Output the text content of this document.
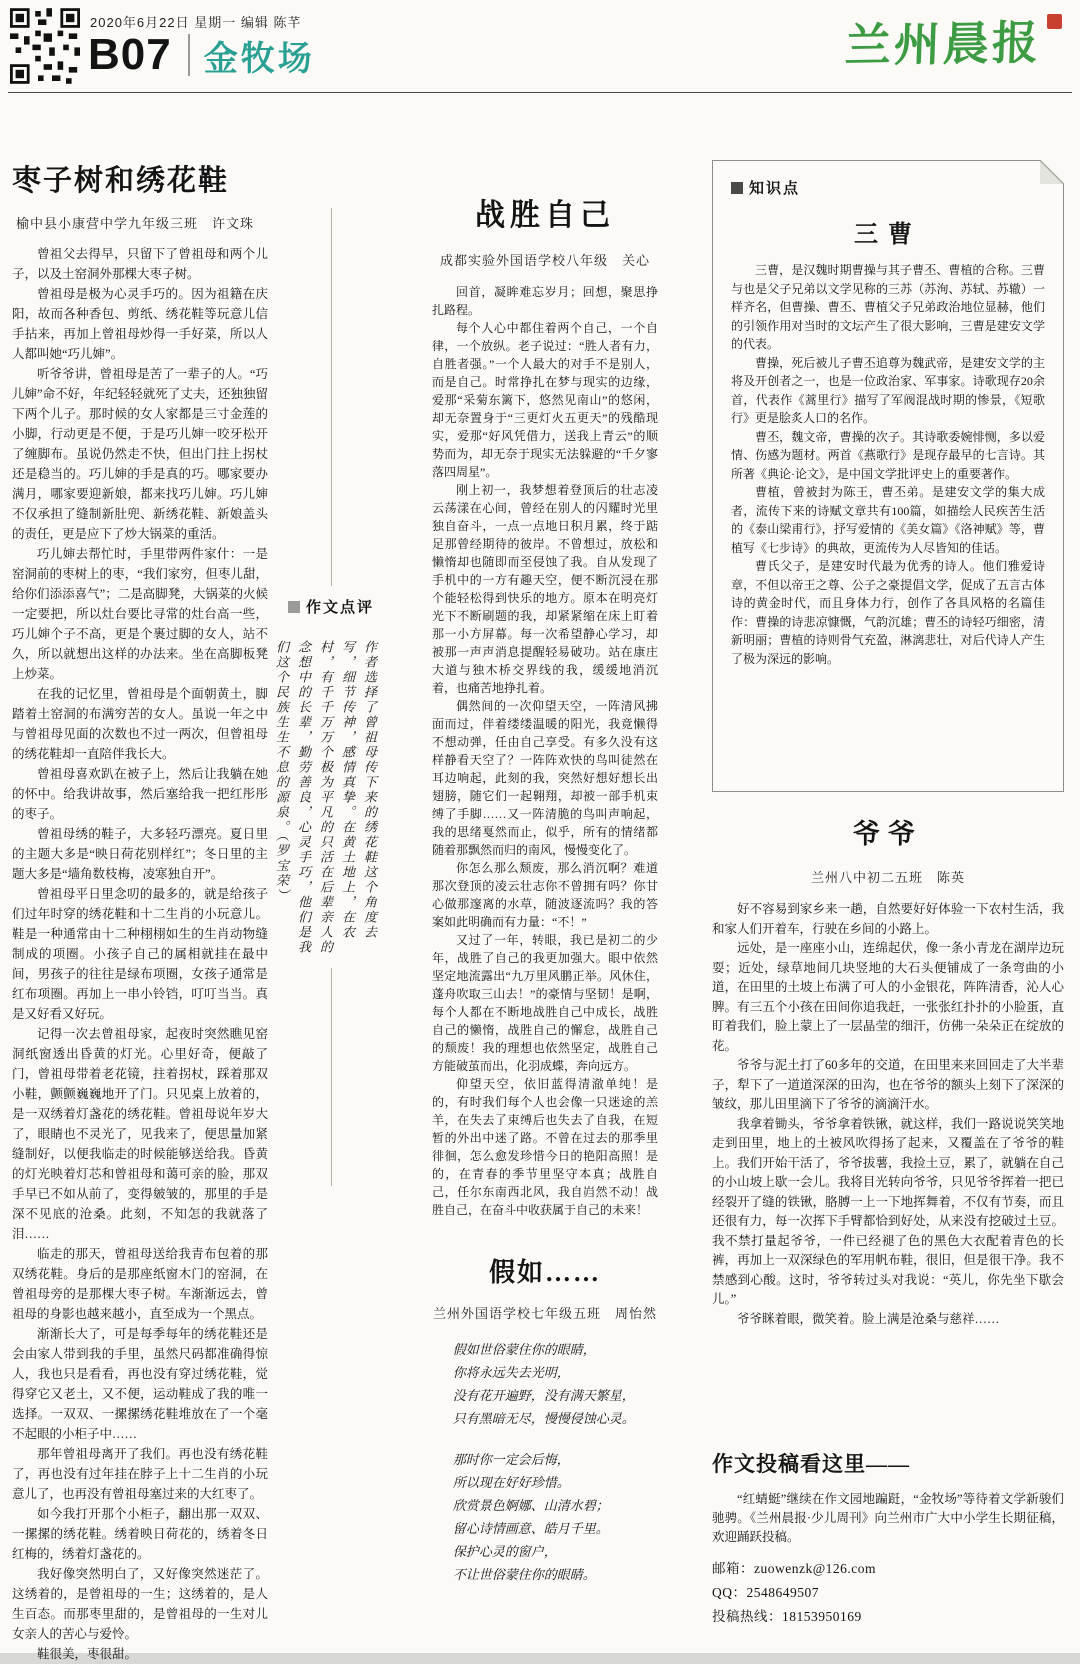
2020年6月22日 星期一 编辑 陈芊
B07 金牧场	兰州晨报
枣子树和绣花鞋
榆中县小康营中学九年级三班　许文珠

曾祖父去得早，只留下了曾祖母和两个儿子，以及土窑洞外那棵大枣子树。

曾祖母是极为心灵手巧的。因为祖籍在庆阳，故而各种香包、剪纸、绣花鞋等玩意儿信手拈来，再加上曾祖母炒得一手好菜，所以人人都叫她“巧儿婶”。

听爷爷讲，曾祖母是苦了一辈子的人。“巧儿婶”命不好，年纪轻轻就死了丈夫，还独独留下两个儿子。那时候的女人家都是三寸金莲的小脚，行动更是不便，于是巧儿婶一咬牙松开了缠脚布。虽说仍然走不快，但出门拄上拐杖还是稳当的。巧儿婶的手是真的巧。哪家要办满月，哪家要迎新娘，都来找巧儿婶。巧儿婶不仅承担了缝制新肚兜、新绣花鞋、新娘盖头的责任，更是应下了炒大锅菜的重活。

巧儿婶去帮忙时，手里带两件家什：一是窑洞前的枣树上的枣，“我们家穷，但枣儿甜，给你们添添喜气”；二是高脚凳，大锅菜的火候一定要把，所以灶台要比寻常的灶台高一些，巧儿婶个子不高，更是个裹过脚的女人，站不久，所以就想出这样的办法来。坐在高脚板凳上炒菜。

在我的记忆里，曾祖母是个面朝黄土，脚踏着土窑洞的布满穷苦的女人。虽说一年之中与曾祖母见面的次数也不过一两次，但曾祖母的绣花鞋却一直陪伴我长大。

曾祖母喜欢趴在被子上，然后让我躺在她的怀中。给我讲故事，然后塞给我一把红彤彤的枣子。

曾祖母绣的鞋子，大多轻巧漂亮。夏日里的主题大多是“映日荷花别样红”；冬日里的主题大多是“墙角数枝梅，凌寒独自开”。

曾祖母平日里念叨的最多的，就是给孩子们过年时穿的绣花鞋和十二生肖的小玩意儿。鞋是一种通常由十二种栩栩如生的生肖动物缝制成的项圈。小孩子自己的属相就挂在最中间，男孩子的往往是绿布项圈，女孩子通常是红布项圈。再加上一串小铃铛，叮叮当当。真是又好看又好玩。

记得一次去曾祖母家，起夜时突然瞧见窑洞纸窗透出昏黄的灯光。心里好奇，便敲了门，曾祖母带着老花镜，拄着拐杖，踩着那双小鞋，颤颤巍巍地开了门。只见桌上放着的，是一双绣着灯盏花的绣花鞋。曾祖母说年岁大了，眼睛也不灵光了，见我来了，便思量加紧缝制好，以便我临走的时候能够送给我。昏黄的灯光映着灯芯和曾祖母和蔼可亲的脸，那双手早已不如从前了，变得皴皱的，那里的手是深不见底的沧桑。此刻，不知怎的我就落了泪……

临走的那天，曾祖母送给我青布包着的那双绣花鞋。身后的是那座纸窗木门的窑洞，在曾祖母旁的是那棵大枣子树。车渐渐远去，曾祖母的身影也越来越小，直至成为一个黑点。

渐渐长大了，可是每季每年的绣花鞋还是会由家人带到我的手里，虽然尺码都准确得惊人，我也只是看看，再也没有穿过绣花鞋，觉得穿它又老土，又不便，运动鞋成了我的唯一选择。一双双、一摞摞绣花鞋堆放在了一个毫不起眼的小柜子中……

那年曾祖母离开了我们。再也没有绣花鞋了，再也没有过年挂在脖子上十二生肖的小玩意儿了，也再没有曾祖母塞过来的大红枣了。

如今我打开那个小柜子，翻出那一双双、一摞摞的绣花鞋。绣着映日荷花的，绣着冬日红梅的，绣着灯盏花的。

我好像突然明白了，又好像突然迷茫了。这绣着的，是曾祖母的一生；这绣着的，是人生百态。而那枣里甜的，是曾祖母的一生对儿女亲人的苦心与爱怜。

鞋很美，枣很甜。

作文点评
作者选择了曾祖母传下来的绣花鞋这个角度去写，细节传神，感情真挚。在黄土地上，在农村，有千千万万个极为平凡的只活在后辈亲人的念想中的长辈，勤劳善良，心灵手巧，他们是我们这个民族生生不息的源泉。（罗宝荣）
战胜自己
成都实验外国语学校八年级　关心

回首，凝眸难忘岁月；回想，聚思挣扎路程。

每个人心中都住着两个自己，一个自律，一个放纵。老子说过：“胜人者有力，自胜者强。”一个人最大的对手不是别人，而是自己。时常挣扎在梦与现实的边缘，爱那“采菊东篱下，悠然见南山”的悠闲，却无奈置身于“三更灯火五更天”的残酷现实，爱那“好风凭借力，送我上青云”的顺势而为，却无奈于现实无法躲避的“千夕寥落四周星”。

刚上初一，我梦想着登顶后的壮志凌云荡漾在心间，曾经在别人的闪耀时光里独自奋斗，一点一点地日积月累，终于踮足那曾经期待的彼岸。不曾想过，放松和懒惰却也随即而至侵蚀了我。自从发现了手机中的一方有趣天空，便不断沉浸在那个能轻松得到快乐的地方。原本在明亮灯光下不断刷题的我，却紧紧缩在床上盯着那一小方屏幕。每一次希望静心学习，却被那一声声消息提醒轻易破功。站在康庄大道与独木桥交界线的我，缓缓地消沉着，也痛苦地挣扎着。

偶然间的一次仰望天空，一阵清风拂面而过，伴着缕缕温暖的阳光，我竟懒得不想动弹，任由自己享受。有多久没有这样静看天空了？一阵阵欢快的鸟叫徒然在耳边响起，此刻的我，突然好想好想长出翅膀，随它们一起翱翔，却被一部手机束缚了手脚……又一阵清脆的鸟叫声响起，我的思绪戛然而止，似乎，所有的情绪都随着那飘然而归的南风，慢慢变化了。

你怎么那么颓废，那么消沉啊？难道那次登顶的凌云壮志你不曾拥有吗？你甘心做那邃离的水草，随波逐流吗？我的答案如此明确而有力量：“不！”

又过了一年，转眼，我已是初二的少年，战胜了自己的我更加强大。眼中依然坚定地流露出“九万里风鹏正举。风休住，蓬舟吹取三山去！”的豪情与坚韧！是啊，每个人都在不断地战胜自己中成长，战胜自己的懒惰，战胜自己的懈怠，战胜自己的颓废！我的理想也依然坚定，战胜自己方能破茧而出，化羽成蝶，奔向远方。

仰望天空，依旧蓝得清澈单纯！是的，有时我们每个人也会像一只迷途的羔羊，在失去了束缚后也失去了自我，在短暂的外出中迷了路。不曾在过去的那季里徘徊，怎么愈发珍惜今日的艳阳高照！是的，在青春的季节里坚守本真；战胜自己，任尔东南西北风，我自岿然不动！战胜自己，在奋斗中收获属于自己的未来！

假如……
兰州外国语学校七年级五班　周怡然
假如世俗蒙住你的眼睛，
你将永远失去光明，
没有花开遍野，没有满天繁星，
只有黑暗无尽，慢慢侵蚀心灵。
那时你一定会后悔，
所以现在好好珍惜。
欣赏景色婀娜、山清水碧；
留心诗情画意、皓月千里。
保护心灵的窗户，
不让世俗蒙住你的眼睛。
知识点
三曹

三曹，是汉魏时期曹操与其子曹丕、曹植的合称。三曹与也是父子兄弟以文学见称的三苏（苏洵、苏轼、苏辙）一样齐名，但曹操、曹丕、曹植父子兄弟政治地位显赫，他们的引领作用对当时的文坛产生了很大影响，三曹是建安文学的代表。

曹操，死后被儿子曹丕追尊为魏武帝，是建安文学的主将及开创者之一，也是一位政治家、军事家。诗歌现存20余首，代表作《蒿里行》描写了军阀混战时期的惨景，《短歌行》更是脍炙人口的名作。

曹丕，魏文帝，曹操的次子。其诗歌委婉悱恻，多以爱情、伤感为题材。两首《燕歌行》是现存最早的七言诗。其所著《典论·论文》，是中国文学批评史上的重要著作。

曹植，曾被封为陈王，曹丕弟。是建安文学的集大成者，流传下来的诗赋文章共有100篇，如描绘人民疾苦生活的《泰山梁甫行》，抒写爱情的《美女篇》《洛神赋》等，曹植写《七步诗》的典故，更流传为人尽皆知的佳话。

曹氏父子，是建安时代最为优秀的诗人。他们雅爱诗章，不但以帝王之尊、公子之豪提倡文学，促成了五言古体诗的黄金时代，而且身体力行，创作了各具风格的名篇佳作：曹操的诗悲凉慷慨，气韵沉雄；曹丕的诗轻巧细密，清新明丽；曹植的诗则骨气充盈，淋漓悲壮，对后代诗人产生了极为深远的影响。

爷爷
兰州八中初二五班　陈英

好不容易到家乡来一趟，自然要好好体验一下农村生活，我和家人们开着车，行驶在乡间的小路上。

远处，是一座座小山，连绵起伏，像一条小青龙在湖岸边玩耍；近处，绿草地间几块竖地的大石头便铺成了一条弯曲的小道，在田里的土坡上布满了可人的小金银花，阵阵清香，沁人心脾。有三五个小孩在田间你追我赶，一张张红扑扑的小脸蛋，直盯着我们，脸上蒙上了一层晶莹的细汗，仿佛一朵朵正在绽放的花。

爷爷与泥土打了60多年的交道，在田里来来回回走了大半辈子，犁下了一道道深深的田沟，也在爷爷的额头上刻下了深深的皱纹，那儿田里滴下了爷爷的滴滴汗水。

我拿着锄头，爷爷拿着铁锹，就这样，我们一路说说笑笑地走到田里，地上的土被风吹得扬了起来，又覆盖在了爷爷的鞋上。我们开始干活了，爷爷拔薯，我捡土豆，累了，就躺在自己的小山坡上歇一会儿。我将目光转向爷爷，只见爷爷挥着一把已经裂开了缝的铁锹，胳膊一上一下地挥舞着，不仅有节奏，而且还很有力，每一次挥下手臂都恰到好处，从来没有挖破过土豆。我不禁打量起爷爷，一件已经褪了色的黑色大衣配着青色的长裤，再加上一双深绿色的军用帆布鞋，很旧，但是很干净。我不禁感到心酸。这时，爷爷转过头对我说：“英儿，你先坐下歇会儿。”

爷爷眯着眼，微笑着。脸上满是沧桑与慈祥……

作文投稿看这里——

“红蜻蜓”继续在作文园地蹁跹，“金牧场”等待着文学新骏们驰骋。《兰州晨报·少儿周刊》向兰州市广大中小学生长期征稿，欢迎踊跃投稿。

邮箱：zuowenzk@126.com

QQ：2548649507

投稿热线：18153950169
